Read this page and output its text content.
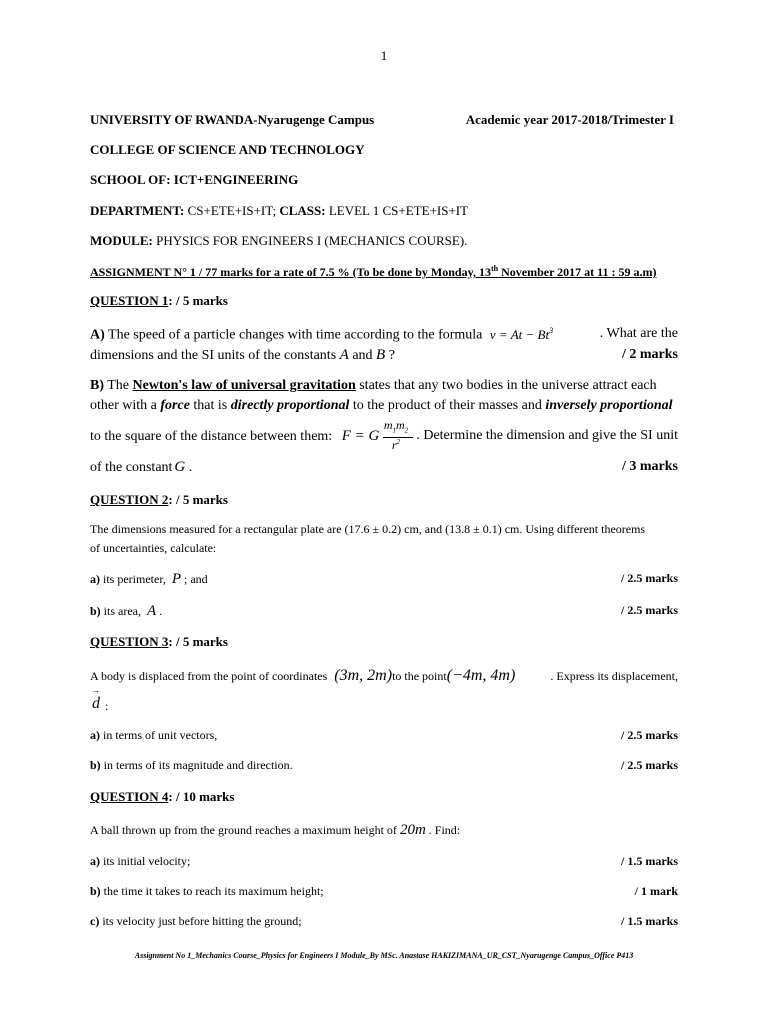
1
UNIVERSITY OF RWANDA-Nyarugenge Campus	Academic year 2017-2018/Trimester I
COLLEGE OF SCIENCE AND TECHNOLOGY
SCHOOL OF: ICT+ENGINEERING
DEPARTMENT: CS+ETE+IS+IT; CLASS: LEVEL 1 CS+ETE+IS+IT
MODULE: PHYSICS FOR ENGINEERS I (MECHANICS COURSE).
ASSIGNMENT N° 1 / 77 marks for a rate of 7.5 % (To be done by Monday, 13th November 2017 at 11 : 59 a.m)
QUESTION 1: / 5 marks
A) The speed of a particle changes with time according to the formula $v = At - Bt^3$	. What are the
dimensions and the SI units of the constants A and B ?	/ 2 marks
B) The Newton's law of universal gravitation states that any two bodies in the universe attract each
other with a force that is directly proportional to the product of their masses and inversely proportional
to the square of the distance between them: F = G $\frac{m_1m_2}{r^2}$ . Determine the dimension and give the SI unit
of the constant G .	/ 3 marks
QUESTION 2: / 5 marks
The dimensions measured for a rectangular plate are (17.6 ± 0.2) cm, and (13.8 ± 0.1) cm. Using different theorems
of uncertainties, calculate:
a) its perimeter, P ; and	/ 2.5 marks
b) its area, A .	/ 2.5 marks
QUESTION 3: / 5 marks
A body is displaced from the point of coordinates (3m, 2m)to the point(−4m, 4m)	. Express its displacement,
→
d :
a) in terms of unit vectors,	/ 2.5 marks
b) in terms of its magnitude and direction.	/ 2.5 marks
QUESTION 4: / 10 marks
A ball thrown up from the ground reaches a maximum height of 20m . Find:
a) its initial velocity;	/ 1.5 marks
b) the time it takes to reach its maximum height;	/ 1 mark
c) its velocity just before hitting the ground;	/ 1.5 marks
Assignment No 1_Mechanics Course_Physics for Engineers I Module_By MSc. Anastase HAKIZIMANA_UR_CST_Nyarugenge Campus_Office P413
